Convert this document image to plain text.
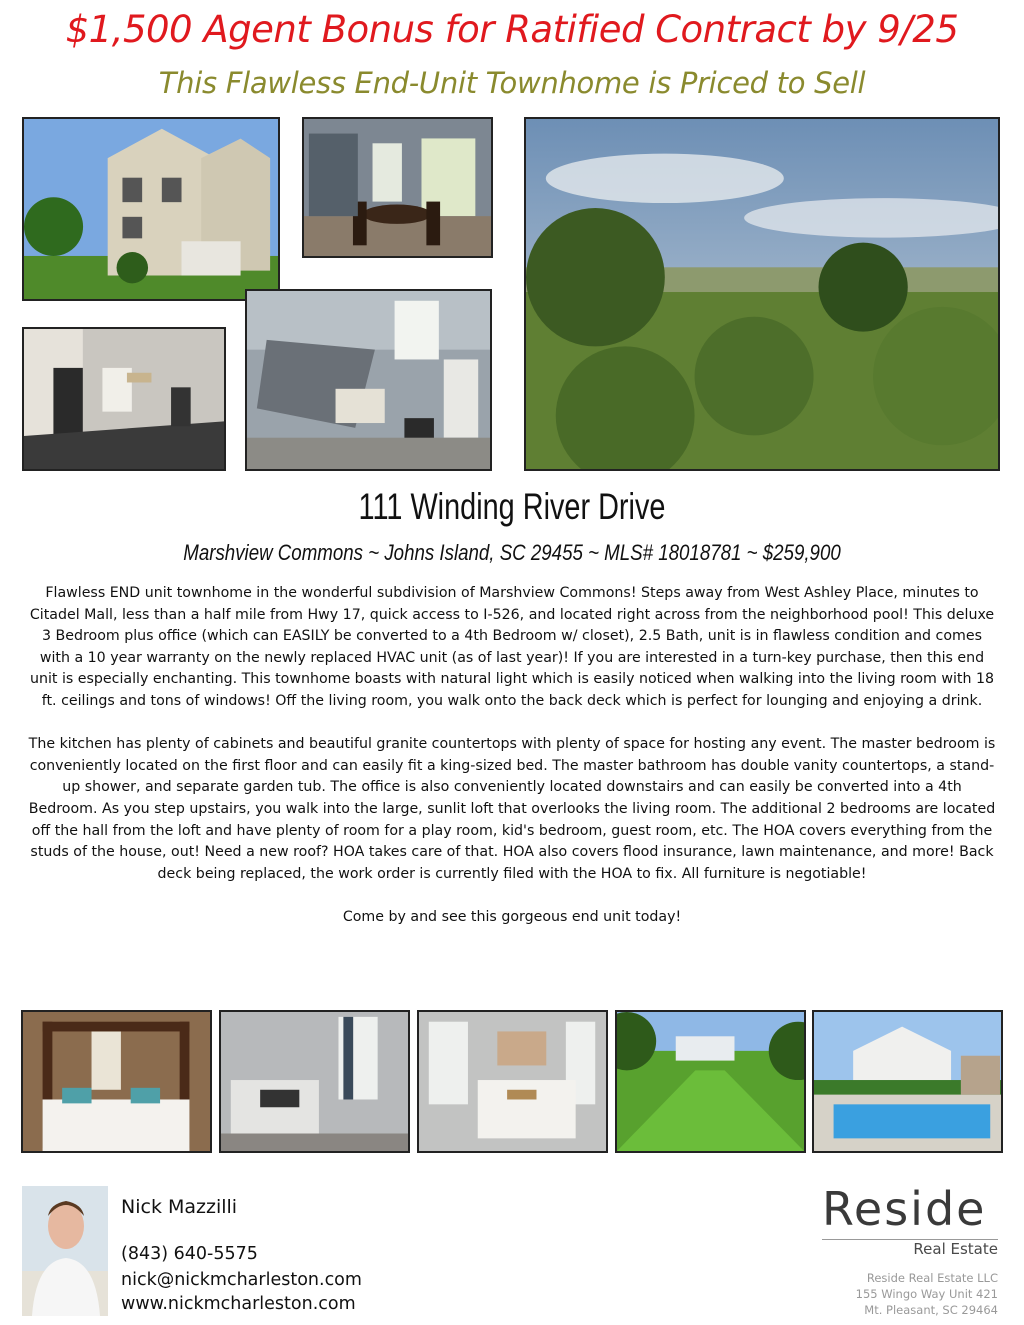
$1,500 Agent Bonus for Ratified Contract by 9/25
This Flawless End-Unit Townhome is Priced to Sell
111 Winding River Drive
Marshview Commons ~ Johns Island, SC 29455 ~ MLS# 18018781 ~ $259,900

Flawless END unit townhome in the wonderful subdivision of Marshview Commons! Steps away from West Ashley Place, minutes to Citadel Mall, less than a half mile from Hwy 17, quick access to I-526, and located right across from the neighborhood pool! This deluxe 3 Bedroom plus office (which can EASILY be converted to a 4th Bedroom w/ closet), 2.5 Bath, unit is in flawless condition and comes with a 10 year warranty on the newly replaced HVAC unit (as of last year)! If you are interested in a turn-key purchase, then this end unit is especially enchanting. This townhome boasts with natural light which is easily noticed when walking into the living room with 18 ft. ceilings and tons of windows! Off the living room, you walk onto the back deck which is perfect for lounging and enjoying a drink.

The kitchen has plenty of cabinets and beautiful granite countertops with plenty of space for hosting any event. The master bedroom is conveniently located on the first floor and can easily fit a king-sized bed. The master bathroom has double vanity countertops, a stand-up shower, and separate garden tub. The office is also conveniently located downstairs and can easily be converted into a 4th Bedroom. As you step upstairs, you walk into the large, sunlit loft that overlooks the living room. The additional 2 bedrooms are located off the hall from the loft and have plenty of room for a play room, kid's bedroom, guest room, etc. The HOA covers everything from the studs of the house, out! Need a new roof? HOA takes care of that. HOA also covers flood insurance, lawn maintenance, and more! Back deck being replaced, the work order is currently filed with the HOA to fix. All furniture is negotiable!

Come by and see this gorgeous end unit today!

Nick Mazzilli
(843) 640-5575
nick@nickmcharleston.com
www.nickmcharleston.com
Reside
Real Estate
Reside Real Estate LLC
155 Wingo Way Unit 421
Mt. Pleasant, SC 29464
